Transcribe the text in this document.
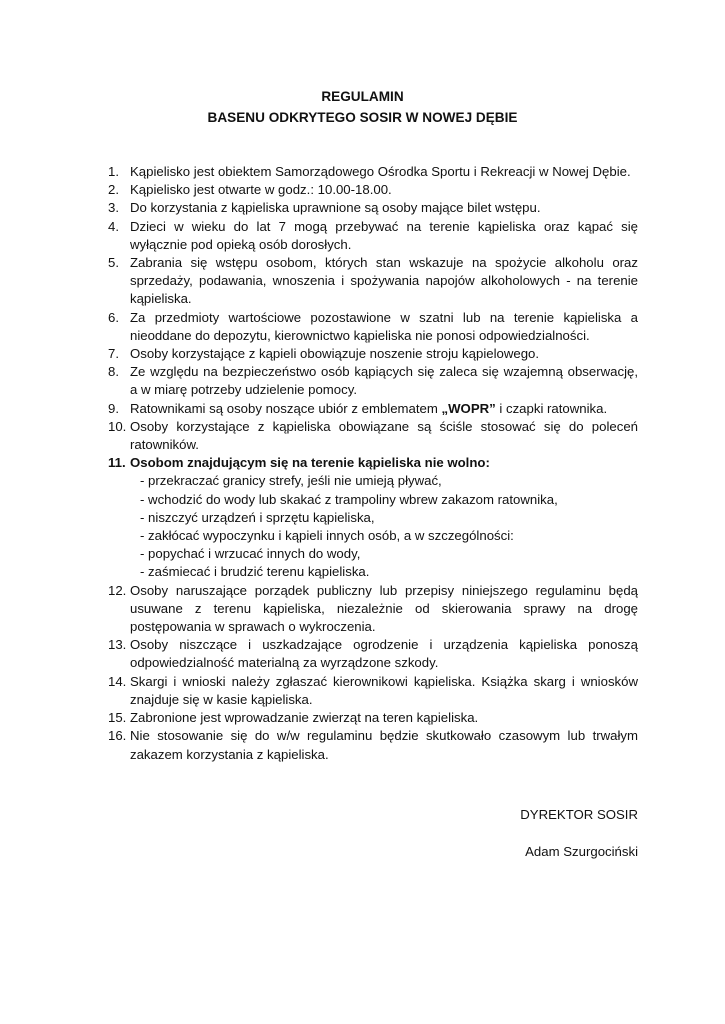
REGULAMIN
BASENU ODKRYTEGO SOSIR W NOWEJ DĘBIE
1. Kąpielisko jest obiektem Samorządowego Ośrodka Sportu i Rekreacji w Nowej Dębie.
2. Kąpielisko jest otwarte w godz.: 10.00-18.00.
3. Do korzystania z kąpieliska uprawnione są osoby mające bilet wstępu.
4. Dzieci w wieku do lat 7 mogą przebywać na terenie kąpieliska oraz kąpać się wyłącznie pod opieką osób dorosłych.
5. Zabrania się wstępu osobom, których stan wskazuje na spożycie alkoholu oraz sprzedaży, podawania, wnoszenia i spożywania napojów alkoholowych - na terenie kąpieliska.
6. Za przedmioty wartościowe pozostawione w szatni lub na terenie kąpieliska a nieoddane do depozytu, kierownictwo kąpieliska nie ponosi odpowiedzialności.
7. Osoby korzystające z kąpieli obowiązuje noszenie stroju kąpielowego.
8. Ze względu na bezpieczeństwo osób kąpiących się zaleca się wzajemną obserwację, a w miarę potrzeby udzielenie pomocy.
9. Ratownikami są osoby noszące ubiór z emblematem „WOPR” i czapki ratownika.
10. Osoby korzystające z kąpieliska obowiązane są ściśle stosować się do poleceń ratowników.
11. Osobom znajdującym się na terenie kąpieliska nie wolno:
- przekraczać granicy strefy, jeśli nie umieją pływać,
- wchodzić do wody lub skakać z trampoliny wbrew zakazom ratownika,
- niszczyć urządzeń i sprzętu kąpieliska,
- zakłócać wypoczynku i kąpieli innych osób, a w szczególności:
- popychać i wrzucać innych do wody,
- zaśmiecać i brudzić terenu kąpieliska.
12. Osoby naruszające porządek publiczny lub przepisy niniejszego regulaminu będą usuwane z terenu kąpieliska, niezależnie od skierowania sprawy na drogę postępowania w sprawach o wykroczenia.
13. Osoby niszczące i uszkadzające ogrodzenie i urządzenia kąpieliska ponoszą odpowiedzialność materialną za wyrządzone szkody.
14. Skargi i wnioski należy zgłaszać kierownikowi kąpieliska. Książka skarg i wniosków znajduje się w kasie kąpieliska.
15. Zabronione jest wprowadzanie zwierząt na teren kąpieliska.
16. Nie stosowanie się do w/w regulaminu będzie skutkowało czasowym lub trwałym zakazem korzystania z kąpieliska.
DYREKTOR SOSIR
Adam Szurgociński
